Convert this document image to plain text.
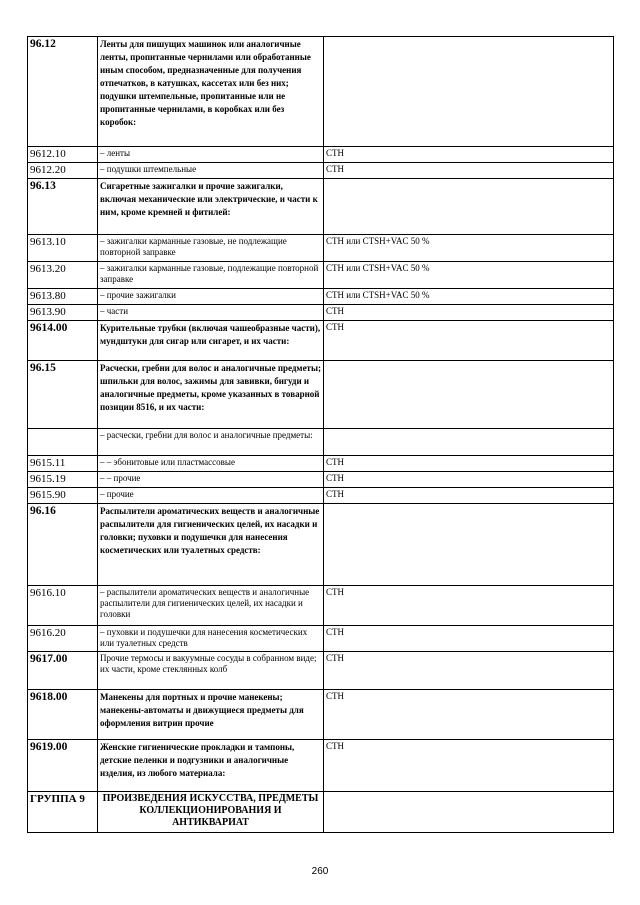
96.12	Ленты для пишущих машинок или аналогичные ленты, пропитанные чернилами или обработанные иным способом, предназначенные для получения отпечатков, в катушках, кассетах или без них; подушки штемпельные, пропитанные или не пропитанные чернилами, в коробках или без коробок:	
9612.10	– ленты	СТН
9612.20	– подушки штемпельные	СТН
96.13	Сигаретные зажигалки и прочие зажигалки, включая механические или электрические, и части к ним, кроме кремней и фитилей:	
9613.10	– зажигалки карманные газовые, не подлежащие повторной заправке	СТН или CTSH+VAC 50 %
9613.20	– зажигалки карманные газовые, подлежащие повторной заправке	СТН или CTSH+VAC 50 %
9613.80	– прочие зажигалки	СТН или CTSH+VAC 50 %
9613.90	– части	СТН
9614.00	Курительные трубки (включая чашеобразные части), мундштуки для сигар или сигарет, и их части:	СТН
96.15	Расчески, гребни для волос и аналогичные предметы; шпильки для волос, зажимы для завивки, бигуди и аналогичные предметы, кроме указанных в товарной позиции 8516, и их части:	
	– расчески, гребни для волос и аналогичные предметы:	
9615.11	– – эбонитовые или пластмассовые	СТН
9615.19	– – прочие	СТН
9615.90	– прочие	СТН
96.16	Распылители ароматических веществ и аналогичные распылители для гигиенических целей, их насадки и головки; пуховки и подушечки для нанесения косметических или туалетных средств:	
9616.10	– распылители ароматических веществ и аналогичные распылители для гигиенических целей, их насадки и головки	СТН
9616.20	– пуховки и подушечки для нанесения косметических или туалетных средств	СТН
9617.00	Прочие термосы и вакуумные сосуды в собранном виде; их части, кроме стеклянных колб	СТН
9618.00	Манекены для портных и прочие манекены; манекены-автоматы и движущиеся предметы для оформления витрин прочие	СТН
9619.00	Женские гигиенические прокладки и тампоны, детские пеленки и подгузники и аналогичные изделия, из любого материала:	СТН
ГРУППА 9	ПРОИЗВЕДЕНИЯ ИСКУССТВА, ПРЕДМЕТЫ КОЛЛЕКЦИОНИРОВАНИЯ И АНТИКВАРИАТ	
260
